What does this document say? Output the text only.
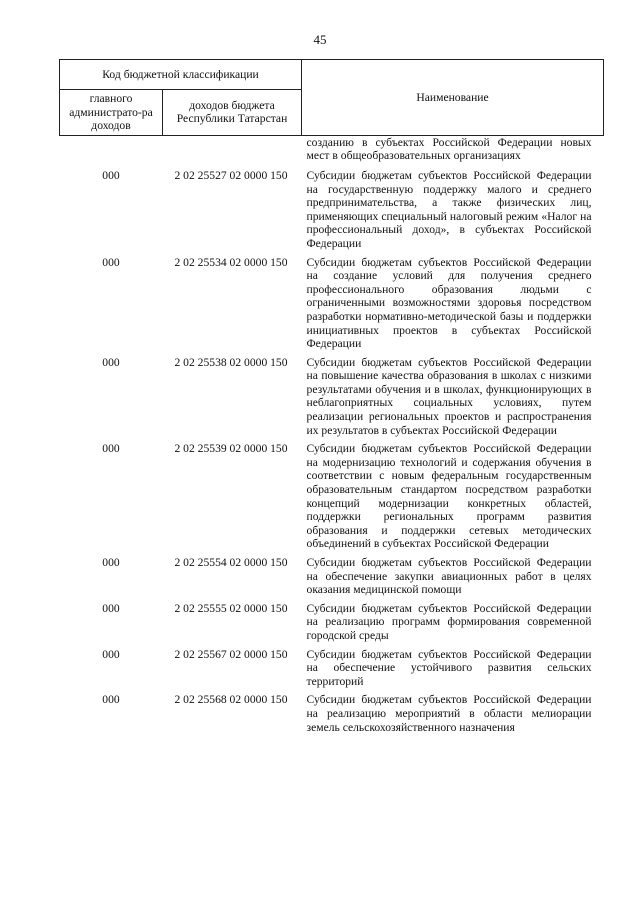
45
Код бюджетной классификации		Наименование
главного администрато-ра доходов	доходов бюджета Республики Татарстан	

		созданию в субъектах Российской Федерации новых мест в общеобразовательных организациях

000	2 02 25527 02 0000 150	Субсидии бюджетам субъектов Российской Федерации на государственную поддержку малого и среднего предпринимательства, а также физических лиц, применяющих специальный налоговый режим «Налог на профессиональный доход», в субъектах Российской Федерации

000	2 02 25534 02 0000 150	Субсидии бюджетам субъектов Российской Федерации на создание условий для получения среднего профессионального образования людьми с ограниченными возможностями здоровья посредством разработки нормативно-методической базы и поддержки инициативных проектов в субъектах Российской Федерации

000	2 02 25538 02 0000 150	Субсидии бюджетам субъектов Российской Федерации на повышение качества образования в школах с низкими результатами обучения и в школах, функционирующих в неблагоприятных социальных условиях, путем реализации региональных проектов и распространения их результатов в субъектах Российской Федерации

000	2 02 25539 02 0000 150	Субсидии бюджетам субъектов Российской Федерации на модернизацию технологий и содержания обучения в соответствии с новым федеральным государственным образовательным стандартом посредством разработки концепций модернизации конкретных областей, поддержки региональных программ развития образования и поддержки сетевых методических объединений в субъектах Российской Федерации

000	2 02 25554 02 0000 150	Субсидии бюджетам субъектов Российской Федерации на обеспечение закупки авиационных работ в целях оказания медицинской помощи

000	2 02 25555 02 0000 150	Субсидии бюджетам субъектов Российской Федерации на реализацию программ формирования современной городской среды

000	2 02 25567 02 0000 150	Субсидии бюджетам субъектов Российской Федерации на обеспечение устойчивого развития сельских территорий

000	2 02 25568 02 0000 150	Субсидии бюджетам субъектов Российской Федерации на реализацию мероприятий в области мелиорации земель сельскохозяйственного назначения
